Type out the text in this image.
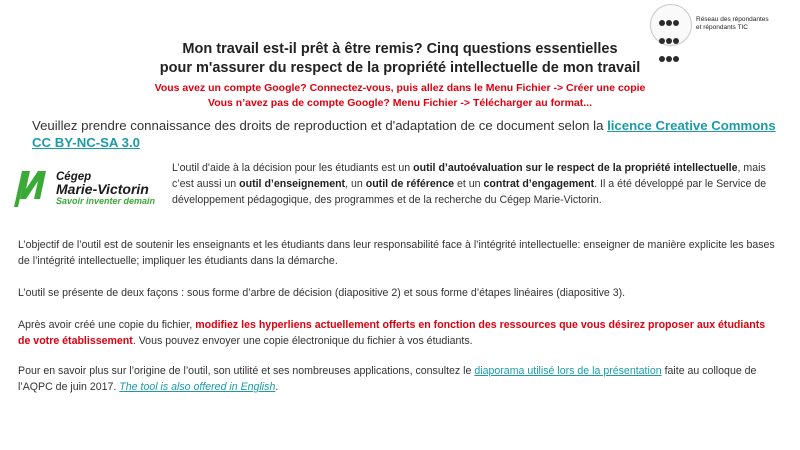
Réseau des répondantes
et répondants TIC
Mon travail est-il prêt à être remis? Cinq questions essentielles
pour m'assurer du respect de la propriété intellectuelle de mon travail
Vous avez un compte Google? Connectez-vous, puis allez dans le Menu Fichier -> Créer une copie
Vous n’avez pas de compte Google? Menu Fichier -> Télécharger au format...
Veuillez prendre connaissance des droits de reproduction et d'adaptation de ce document selon la licence Creative Commons CC BY-NC-SA 3.0
Cégep
Marie-Victorin
Savoir inventer demain
L’outil d'aide à la décision pour les étudiants est un outil d’autoévaluation sur le respect de la propriété intellectuelle, mais c’est aussi un outil d’enseignement, un outil de référence et un contrat d’engagement. Il a été développé par le Service de développement pédagogique, des programmes et de la recherche du Cégep Marie-Victorin.
L’objectif de l’outil est de soutenir les enseignants et les étudiants dans leur responsabilité face à l’intégrité intellectuelle: enseigner de manière explicite les bases de l’intégrité intellectuelle; impliquer les étudiants dans la démarche.
L’outil se présente de deux façons : sous forme d’arbre de décision (diapositive 2) et sous forme d’étapes linéaires (diapositive 3).
Après avoir créé une copie du fichier, modifiez les hyperliens actuellement offerts en fonction des ressources que vous désirez proposer aux étudiants de votre établissement. Vous pouvez envoyer une copie électronique du fichier à vos étudiants.
Pour en savoir plus sur l’origine de l’outil, son utilité et ses nombreuses applications, consultez le diaporama utilisé lors de la présentation faite au colloque de l’AQPC de juin 2017. The tool is also offered in English.
